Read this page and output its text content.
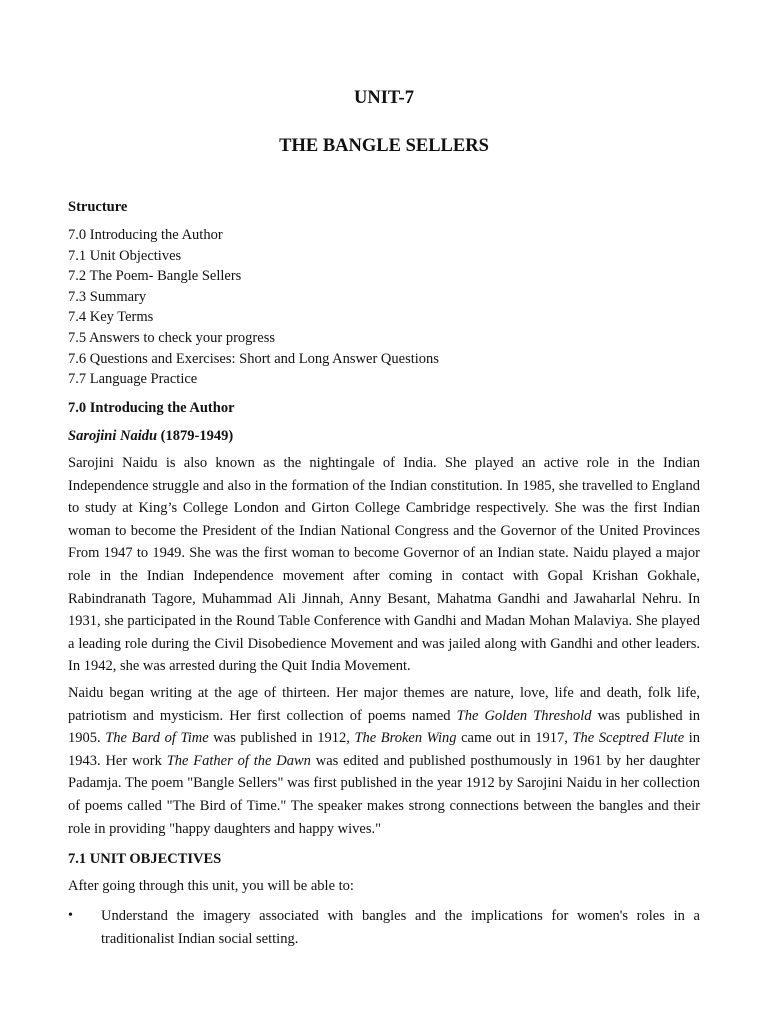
UNIT-7
THE BANGLE SELLERS
Structure
7.0 Introducing the Author
7.1 Unit Objectives
7.2 The Poem- Bangle Sellers
7.3 Summary
7.4 Key Terms
7.5 Answers to check your progress
7.6 Questions and Exercises: Short and Long Answer Questions
7.7 Language Practice
7.0 Introducing the Author
Sarojini Naidu (1879-1949)

Sarojini Naidu is also known as the nightingale of India. She played an active role in the Indian Independence struggle and also in the formation of the Indian constitution. In 1985, she travelled to England to study at King’s College London and Girton College Cambridge respectively. She was the first Indian woman to become the President of the Indian National Congress and the Governor of the United Provinces From 1947 to 1949. She was the first woman to become Governor of an Indian state. Naidu played a major role in the Indian Independence movement after coming in contact with Gopal Krishan Gokhale, Rabindranath Tagore, Muhammad Ali Jinnah, Anny Besant, Mahatma Gandhi and Jawaharlal Nehru. In 1931, she participated in the Round Table Conference with Gandhi and Madan Mohan Malaviya. She played a leading role during the Civil Disobedience Movement and was jailed along with Gandhi and other leaders. In 1942, she was arrested during the Quit India Movement.

Naidu began writing at the age of thirteen. Her major themes are nature, love, life and death, folk life, patriotism and mysticism. Her first collection of poems named The Golden Threshold was published in 1905. The Bard of Time was published in 1912, The Broken Wing came out in 1917, The Sceptred Flute in 1943. Her work The Father of the Dawn was edited and published posthumously in 1961 by her daughter Padamja. The poem "Bangle Sellers" was first published in the year 1912 by Sarojini Naidu in her collection of poems called "The Bird of Time." The speaker makes strong connections between the bangles and their role in providing "happy daughters and happy wives."

7.1 UNIT OBJECTIVES

After going through this unit, you will be able to:

•	Understand the imagery associated with bangles and the implications for women's roles in a traditionalist Indian social setting.
